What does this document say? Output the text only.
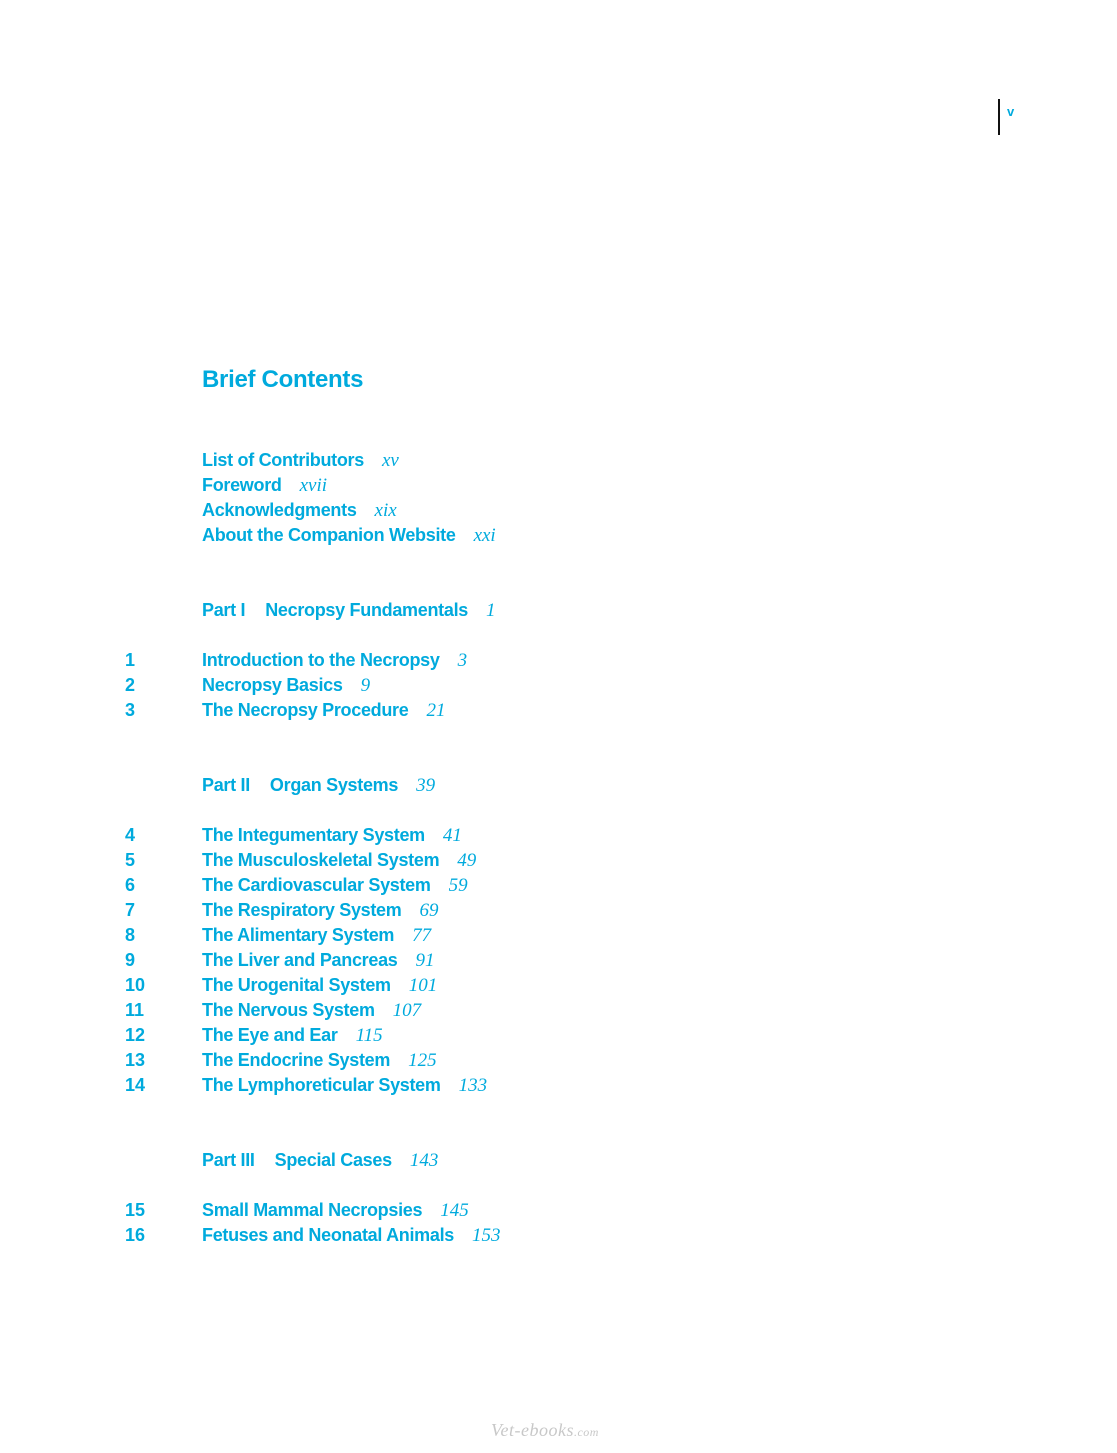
v
Brief Contents
List of Contributors xv
Foreword xvii
Acknowledgments xix
About the Companion Website xxi
Part I Necropsy Fundamentals 1
1	Introduction to the Necropsy 3
2	Necropsy Basics 9
3	The Necropsy Procedure 21
Part II Organ Systems 39
4	The Integumentary System 41
5	The Musculoskeletal System 49
6	The Cardiovascular System 59
7	The Respiratory System 69
8	The Alimentary System 77
9	The Liver and Pancreas 91
10	The Urogenital System 101
11	The Nervous System 107
12	The Eye and Ear 115
13	The Endocrine System 125
14	The Lymphoreticular System 133
Part III Special Cases 143
15	Small Mammal Necropsies 145
16	Fetuses and Neonatal Animals 153
Vet-ebooks.com
